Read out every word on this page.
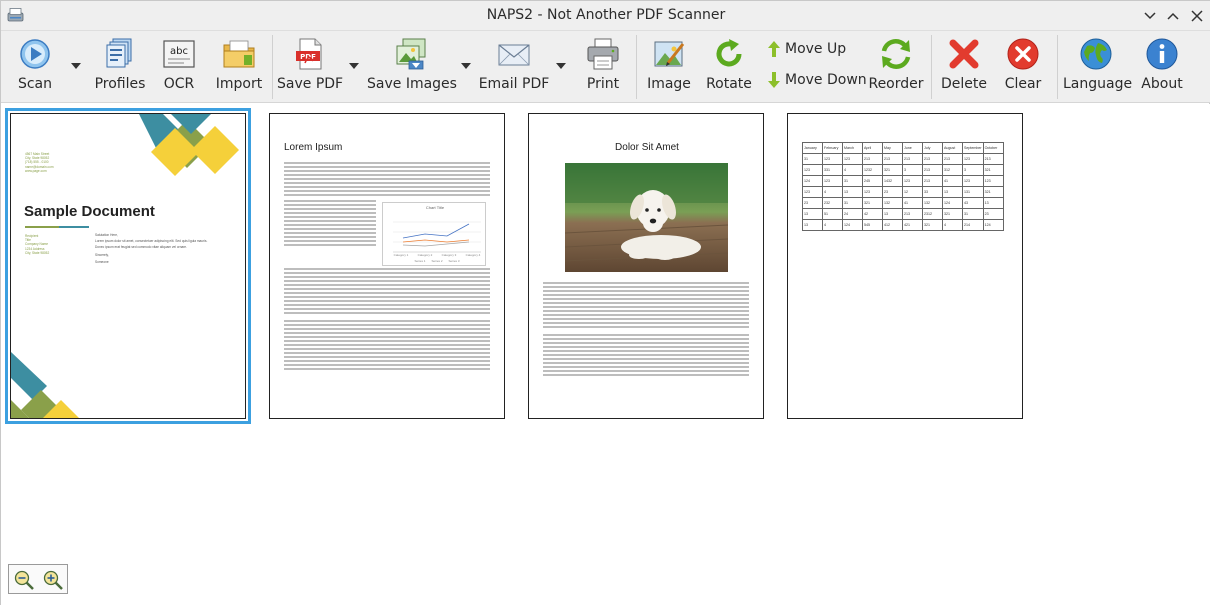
NAPS2 - Not Another PDF Scanner
Scan	Profiles
abc
OCR	Import
PDF
Save PDF Save Images Email PDF	Print	Image Rotate
Move Up
Move Down Reorder Delete	Clear	Language About
4567 Main Street
City, State 98052
(718) 555 - 0100
name@domain.com
www.page.com
Sample Document
Recipient
Title
Company Name
1234 Address
City, State 98052
Salutation Here,
Lorem ipsum dolor sit amet, consectetuer adipiscing elit. Sed quis ligula mauris.
Donec ipsum erat feugiat sed commodo vitae aliquam vel ornare.
Sincerely,
Someone
Lorem Ipsum
Chart Title
Category 1	Category 2	Category 3	Category 4
Series 1 Series 2 Series 3
Dolor Sit Amet	January	February	March	April	May	June	July	August	September	October
31	123	123	213	213	213	213	213	123	213
123	331	4	1232	321	3	213	312	3	321
124	123	31	245	1432	123	213	41	123	123
123	4	13	123	23	12	33	13	131	321
23	232	31	321	132	41	132	124	43	13
13	51	24	42	13	213	2312	321	31	23
13	4	124	545	412	421	321	4	214	124
